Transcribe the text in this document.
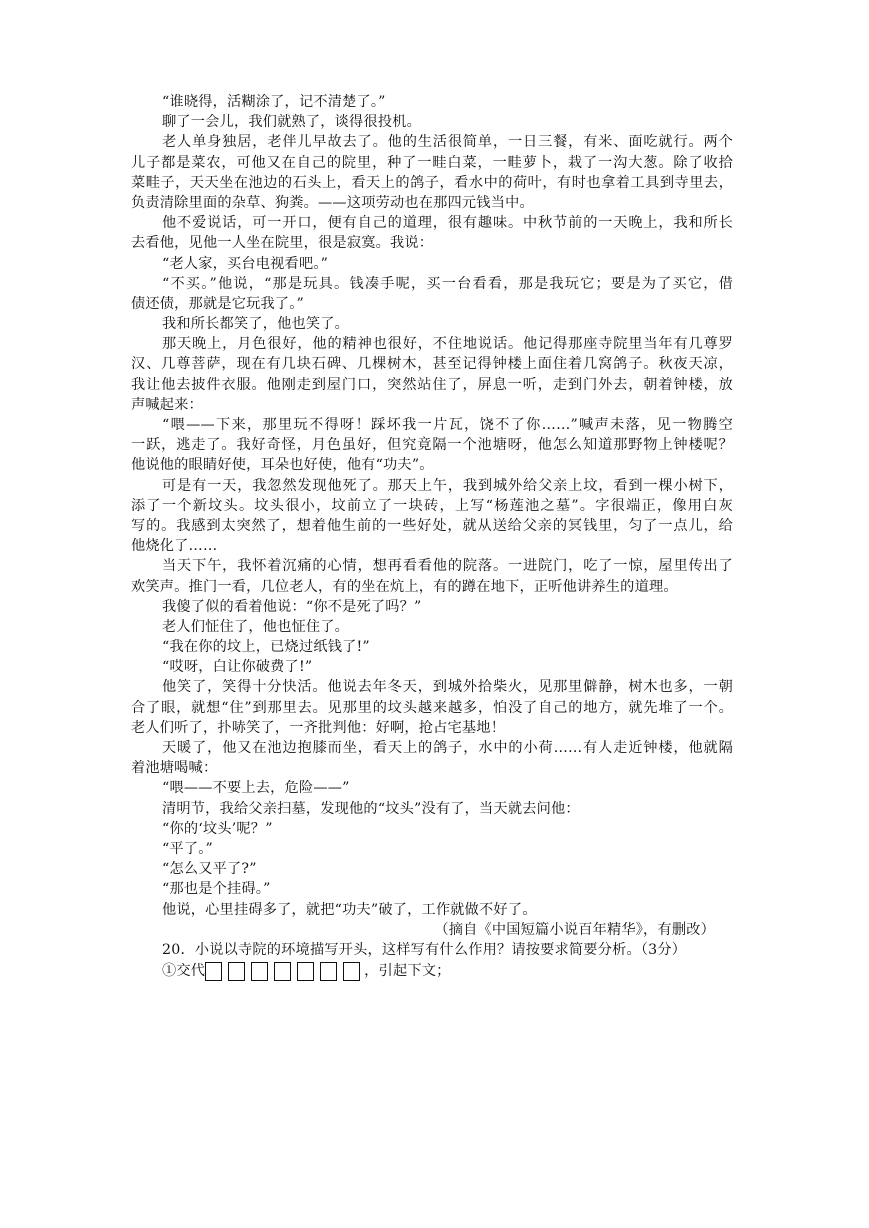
“谁晓得，活糊涂了，记不清楚了。”
聊了一会儿，我们就熟了，谈得很投机。
老人单身独居，老伴儿早故去了。他的生活很简单，一日三餐，有米、面吃就行。两个
儿子都是菜农，可他又在自己的院里，种了一畦白菜，一畦萝卜，栽了一沟大葱。除了收拾
菜畦子，天天坐在池边的石头上，看天上的鸽子，看水中的荷叶，有时也拿着工具到寺里去，
负责清除里面的杂草、狗粪。——这项劳动也在那四元钱当中。
他不爱说话，可一开口，便有自己的道理，很有趣味。中秋节前的一天晚上，我和所长
去看他，见他一人坐在院里，很是寂寞。我说：
“老人家，买台电视看吧。”
“不买。”他说，“那是玩具。钱凑手呢，买一台看看，那是我玩它；要是为了买它，借
债还债，那就是它玩我了。”
我和所长都笑了，他也笑了。
那天晚上，月色很好，他的精神也很好，不住地说话。他记得那座寺院里当年有几尊罗
汉、几尊菩萨，现在有几块石碑、几棵树木，甚至记得钟楼上面住着几窝鸽子。秋夜天凉，
我让他去披件衣服。他刚走到屋门口，突然站住了，屏息一听，走到门外去，朝着钟楼，放
声喊起来：
“喂——下来，那里玩不得呀！踩坏我一片瓦，饶不了你……”喊声未落，见一物腾空
一跃，逃走了。我好奇怪，月色虽好，但究竟隔一个池塘呀，他怎么知道那野物上钟楼呢？
他说他的眼睛好使，耳朵也好使，他有“功夫”。
可是有一天，我忽然发现他死了。那天上午，我到城外给父亲上坟，看到一棵小树下，
添了一个新坟头。坟头很小，坟前立了一块砖，上写“杨莲池之墓”。字很端正，像用白灰
写的。我感到太突然了，想着他生前的一些好处，就从送给父亲的冥钱里，匀了一点儿，给
他烧化了……
当天下午，我怀着沉痛的心情，想再看看他的院落。一进院门，吃了一惊，屋里传出了
欢笑声。推门一看，几位老人，有的坐在炕上，有的蹲在地下，正听他讲养生的道理。
我傻了似的看着他说：“你不是死了吗？”
老人们怔住了，他也怔住了。
“我在你的坟上，已烧过纸钱了!”
“哎呀，白让你破费了!”
他笑了，笑得十分快活。他说去年冬天，到城外拾柴火，见那里僻静，树木也多，一朝
合了眼，就想“住”到那里去。见那里的坟头越来越多，怕没了自己的地方，就先堆了一个。
老人们听了，扑哧笑了，一齐批判他：好啊，抢占宅基地！
天暖了，他又在池边抱膝而坐，看天上的鸽子，水中的小荷……有人走近钟楼，他就隔
着池塘喝喊：
“喂——不要上去，危险——”
清明节，我给父亲扫墓，发现他的“坟头”没有了，当天就去问他：
“你的‘坟头’呢？”
“平了。”
“怎么又平了?”
“那也是个挂碍。”
他说，心里挂碍多了，就把“功夫”破了，工作就做不好了。
（摘自《中国短篇小说百年精华》，有删改）
20．小说以寺院的环境描写开头，这样写有什么作用？请按要求简要分析。（3分）
①交代	，引起下文；
